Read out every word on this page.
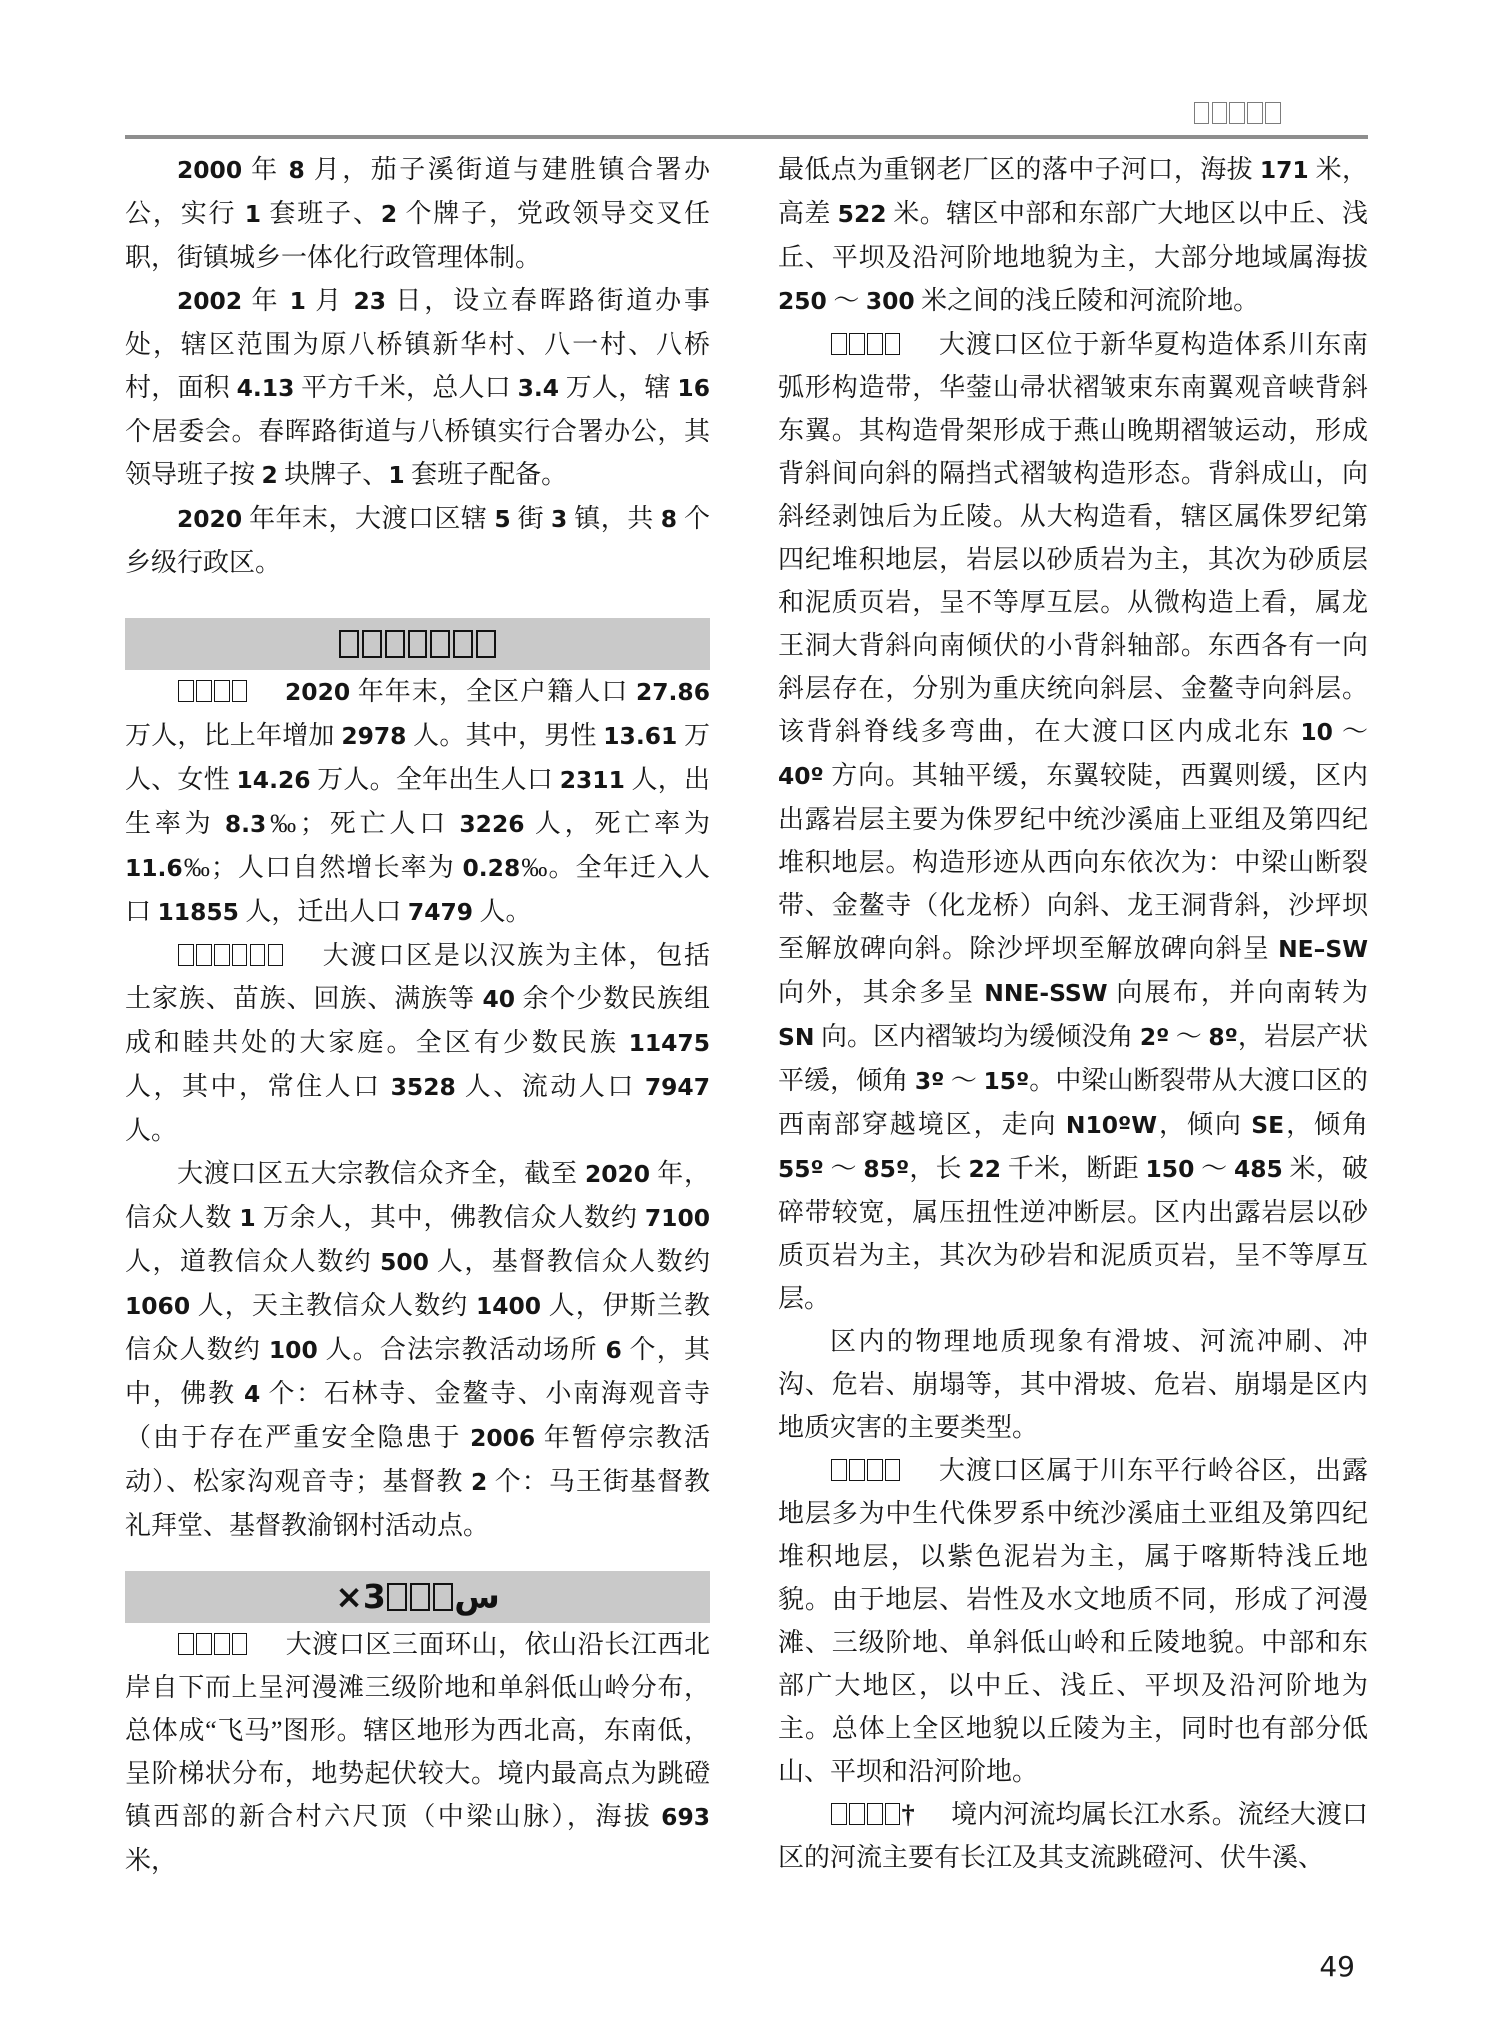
2000 年 8 月，茄子溪街道与建胜镇合署办公，实行 1 套班子、2 个牌子，党政领导交叉任职，街镇城乡一体化行政管理体制。

2002 年 1 月 23 日，设立春晖路街道办事处，辖区范围为原八桥镇新华村、八一村、八桥村，面积 4.13 平方千米，总人口 3.4 万人，辖 16 个居委会。春晖路街道与八桥镇实行合署办公，其领导班子按 2 块牌子、1 套班子配备。

2020 年年末，大渡口区辖 5 街 3 镇，共 8 个乡级行政区。

2020 年年末，全区户籍人口 27.86 万人，比上年增加 2978 人。其中，男性 13.61 万人、女性 14.26 万人。全年出生人口 2311 人，出生率为 8.3‰；死亡人口 3226 人，死亡率为 11.6‰；人口自然增长率为 0.28‰。全年迁入人口 11855 人，迁出人口 7479 人。

大渡口区是以汉族为主体，包括土家族、苗族、回族、满族等 40 余个少数民族组成和睦共处的大家庭。全区有少数民族 11475 人，其中，常住人口 3528 人、流动人口 7947 人。

大渡口区五大宗教信众齐全，截至 2020 年，信众人数 1 万余人，其中，佛教信众人数约 7100 人，道教信众人数约 500 人，基督教信众人数约 1060 人，天主教信众人数约 1400 人，伊斯兰教信众人数约 100 人。合法宗教活动场所 6 个，其中，佛教 4 个：石林寺、金鳌寺、小南海观音寺（由于存在严重安全隐患于 2006 年暂停宗教活动）、松家沟观音寺；基督教 2 个：马王街基督教礼拜堂、基督教渝钢村活动点。

×3 س

大渡口区三面环山，依山沿长江西北岸自下而上呈河漫滩三级阶地和单斜低山岭分布，总体成“飞马”图形。辖区地形为西北高，东南低，呈阶梯状分布，地势起伏较大。境内最高点为跳磴镇西部的新合村六尺顶（中梁山脉），海拔 693 米，

最低点为重钢老厂区的落中子河口，海拔 171 米，高差 522 米。辖区中部和东部广大地区以中丘、浅丘、平坝及沿河阶地地貌为主，大部分地域属海拔 250 ～ 300 米之间的浅丘陵和河流阶地。

大渡口区位于新华夏构造体系川东南弧形构造带，华蓥山帚状褶皱束东南翼观音峡背斜东翼。其构造骨架形成于燕山晚期褶皱运动，形成背斜间向斜的隔挡式褶皱构造形态。背斜成山，向斜经剥蚀后为丘陵。从大构造看，辖区属侏罗纪第四纪堆积地层，岩层以砂质岩为主，其次为砂质层和泥质页岩，呈不等厚互层。从微构造上看，属龙王洞大背斜向南倾伏的小背斜轴部。东西各有一向斜层存在，分别为重庆统向斜层、金鳌寺向斜层。该背斜脊线多弯曲，在大渡口区内成北东 10 ～ 40º 方向。其轴平缓，东翼较陡，西翼则缓，区内出露岩层主要为侏罗纪中统沙溪庙上亚组及第四纪堆积地层。构造形迹从西向东依次为：中梁山断裂带、金鳌寺（化龙桥）向斜、龙王洞背斜，沙坪坝至解放碑向斜。除沙坪坝至解放碑向斜呈 NE–SW 向外，其余多呈 NNE-SSW 向展布，并向南转为 SN 向。区内褶皱均为缓倾没角 2º ～ 8º，岩层产状平缓，倾角 3º ～ 15º。中梁山断裂带从大渡口区的西南部穿越境区，走向 N10ºW，倾向 SE，倾角 55º ～ 85º，长 22 千米，断距 150 ～ 485 米，破碎带较宽，属压扭性逆冲断层。区内出露岩层以砂质页岩为主，其次为砂岩和泥质页岩，呈不等厚互层。

区内的物理地质现象有滑坡、河流冲刷、冲沟、危岩、崩塌等，其中滑坡、危岩、崩塌是区内地质灾害的主要类型。

大渡口区属于川东平行岭谷区，出露地层多为中生代侏罗系中统沙溪庙土亚组及第四纪堆积地层，以紫色泥岩为主，属于喀斯特浅丘地貌。由于地层、岩性及水文地质不同，形成了河漫滩、三级阶地、单斜低山岭和丘陵地貌。中部和东部广大地区，以中丘、浅丘、平坝及沿河阶地为主。总体上全区地貌以丘陵为主，同时也有部分低山、平坝和沿河阶地。

† 境内河流均属长江水系。流经大渡口区的河流主要有长江及其支流跳磴河、伏牛溪、

49
